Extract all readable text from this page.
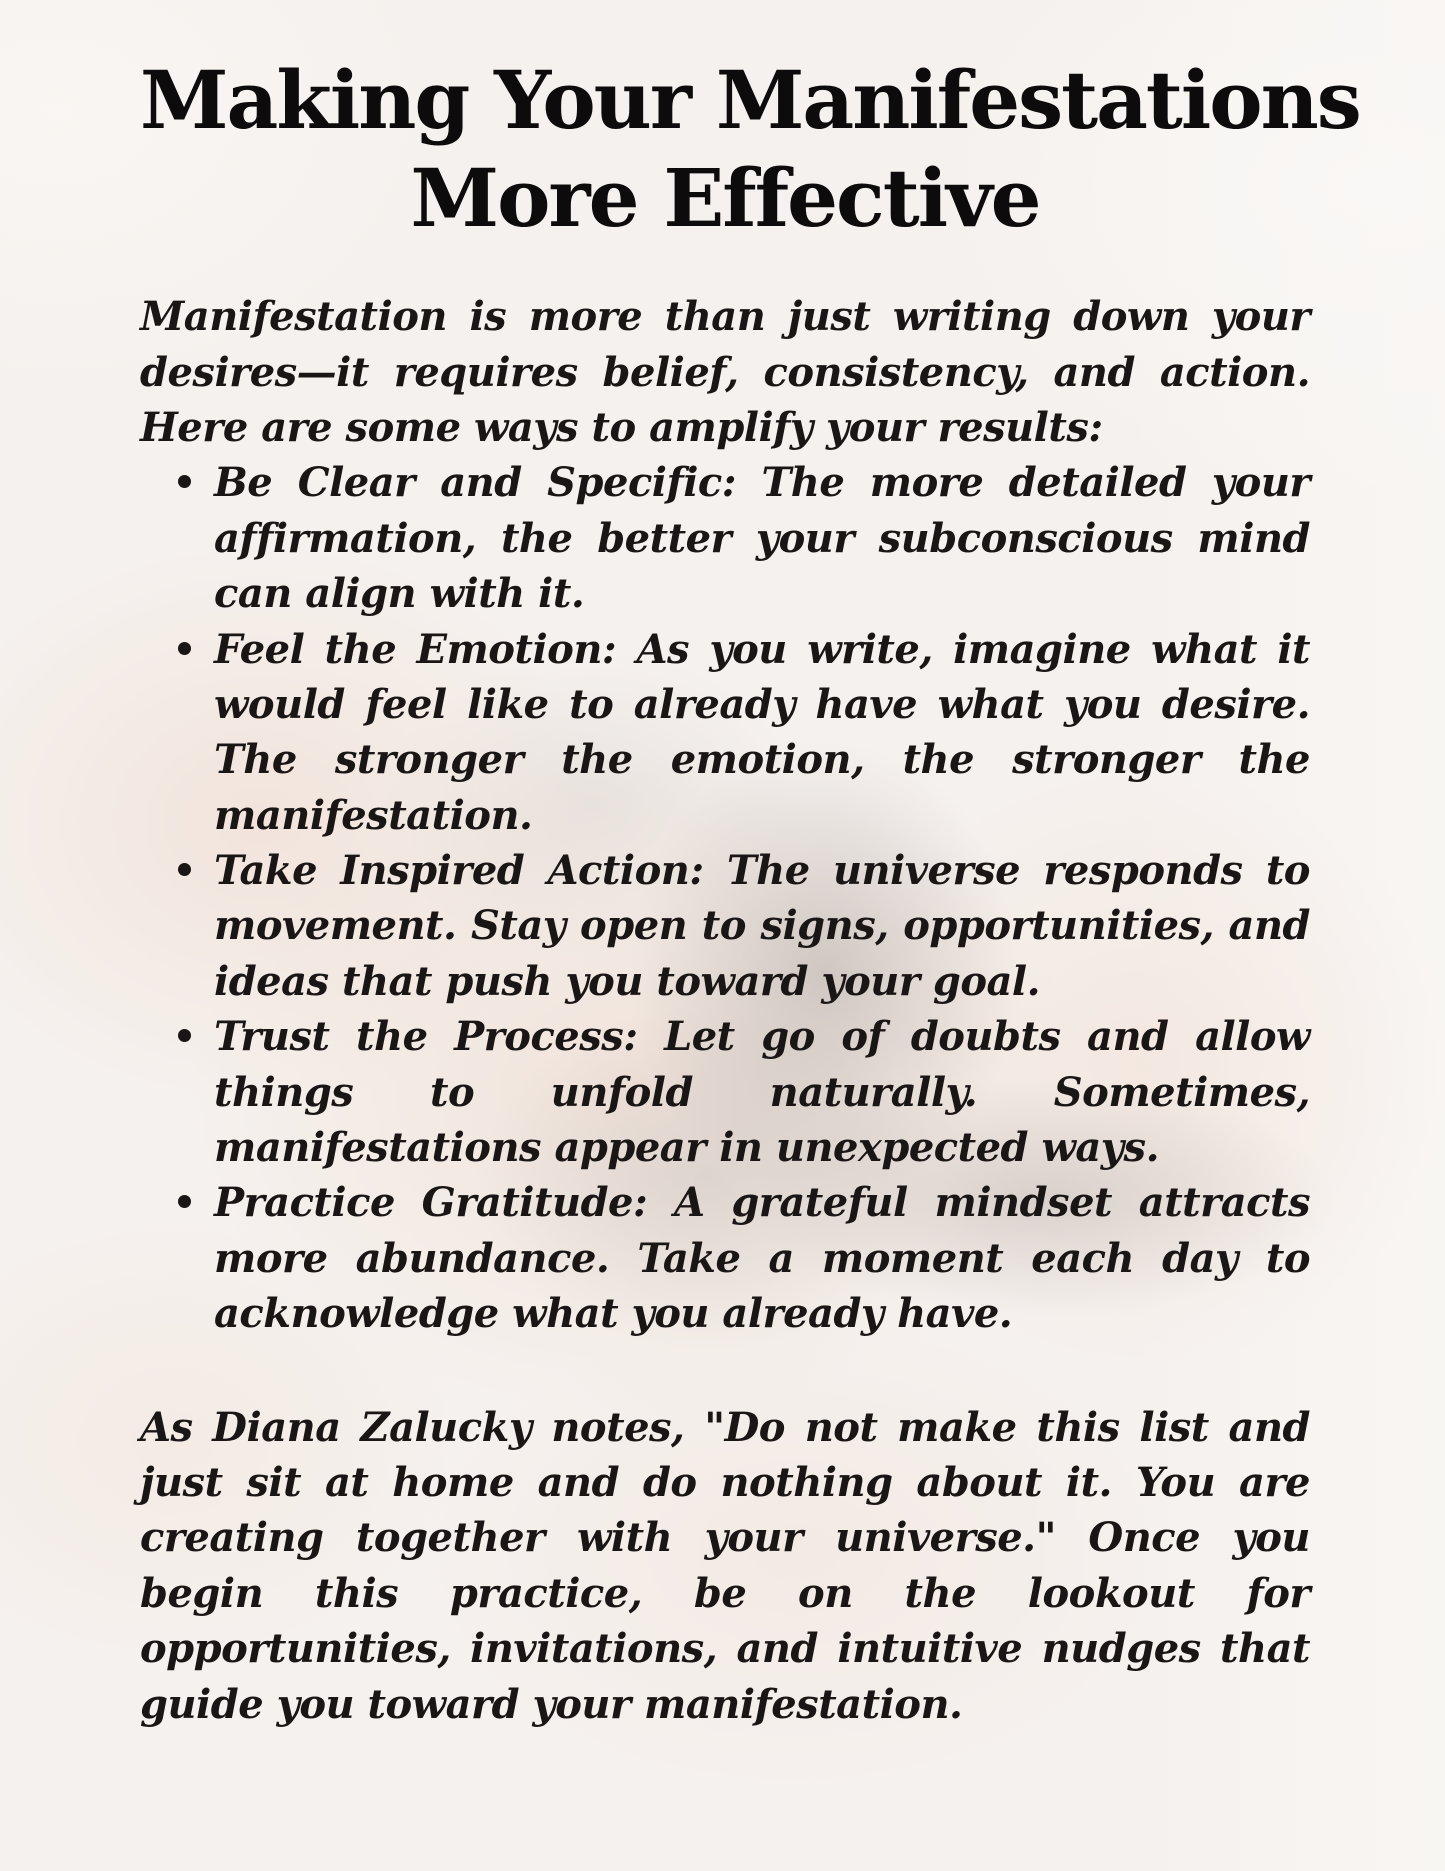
Making Your Manifestations
More Effective

Manifestation is more than just writing down your desires—it requires belief, consistency, and action. Here are some ways to amplify your results:

Be Clear and Specific: The more detailed your affirmation, the better your subconscious mind can align with it.
Feel the Emotion: As you write, imagine what it would feel like to already have what you desire. The stronger the emotion, the stronger the manifestation.
Take Inspired Action: The universe responds to movement. Stay open to signs, opportunities, and ideas that push you toward your goal.
Trust the Process: Let go of doubts and allow things to unfold naturally. Sometimes, manifestations appear in unexpected ways.
Practice Gratitude: A grateful mindset attracts more abundance. Take a moment each day to acknowledge what you already have.

As Diana Zalucky notes, "Do not make this list and just sit at home and do nothing about it. You are creating together with your universe." Once you begin this practice, be on the lookout for opportunities, invitations, and intuitive nudges that guide you toward your manifestation.
